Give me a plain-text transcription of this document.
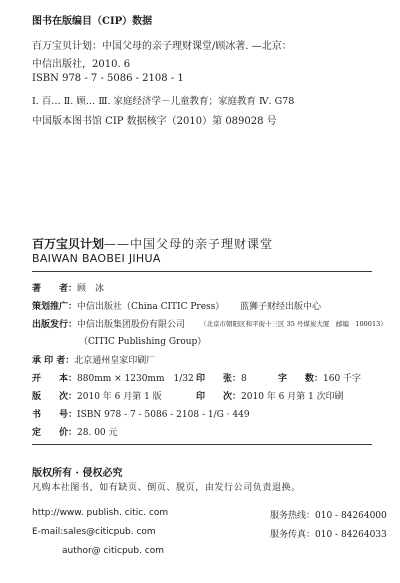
图书在版编目（CIP）数据
百万宝贝计划：中国父母的亲子理财课堂/顾冰著. —北京：
中信出版社，2010. 6
ISBN 978 - 7 - 5086 - 2108 - 1
Ⅰ. 百… Ⅱ. 顾… Ⅲ. 家庭经济学－儿童教育；家庭教育 Ⅳ. G78
中国版本图书馆 CIP 数据核字（2010）第 089028 号
百万宝贝计划——中国父母的亲子理财课堂
BAIWAN BAOBEI JIHUA
著　　者：顾　冰
策划推广：中信出版社（China CITIC Press） 蓝狮子财经出版中心
出版发行：中信出版集团股份有限公司 （北京市朝阳区和平街十三区 35 号煤炭大厦　邮编　100013）
（CITIC Publishing Group）
承 印 者：北京通州皇家印刷厂
开　　本：880mm × 1230mm　1/32 印　　张：8	字　　数：160 千字
版　　次：2010 年 6 月第 1 版	印　　次：2010 年 6 月第 1 次印刷
书　　号：ISBN 978 - 7 - 5086 - 2108 - 1/G · 449
定　　价：28. 00 元
版权所有 · 侵权必究
凡购本社图书，如有缺页、倒页、脱页，由发行公司负责退换。
http://www. publish. citic. com	服务热线：010 - 84264000
E-mail:sales@citicpub. com	服务传真：010 - 84264033
author@ citicpub. com
